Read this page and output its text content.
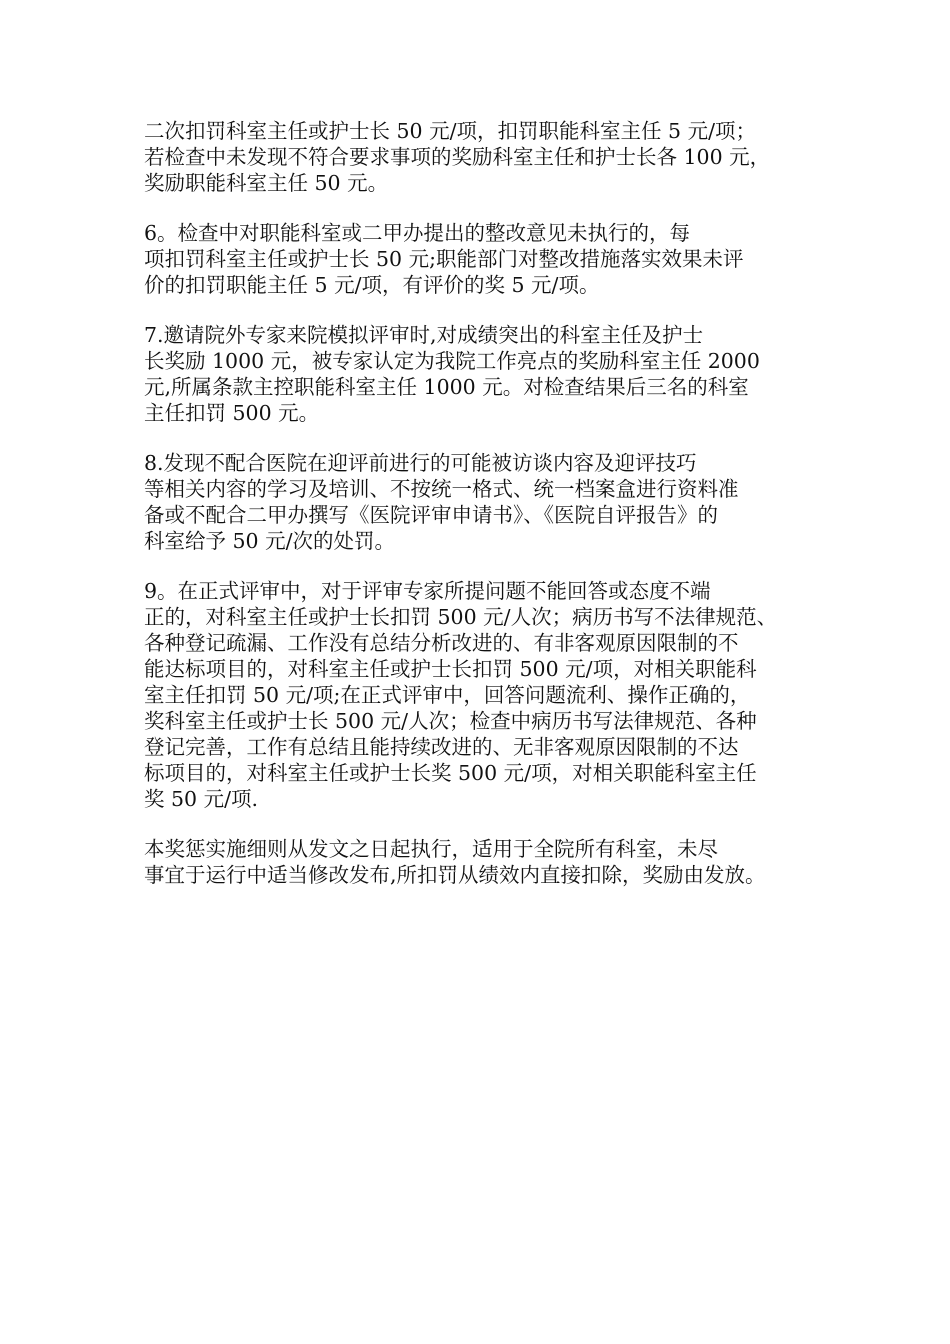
二次扣罚科室主任或护士长 50 元/项，扣罚职能科室主任 5 元/项；
若检查中未发现不符合要求事项的奖励科室主任和护士长各 100 元，
奖励职能科室主任 50 元。

6。检查中对职能科室或二甲办提出的整改意见未执行的，每
项扣罚科室主任或护士长 50 元;职能部门对整改措施落实效果未评
价的扣罚职能主任 5 元/项，有评价的奖 5 元/项。

7.邀请院外专家来院模拟评审时,对成绩突出的科室主任及护士
长奖励 1000 元，被专家认定为我院工作亮点的奖励科室主任 2000
元,所属条款主控职能科室主任 1000 元。对检查结果后三名的科室
主任扣罚 500 元。

8.发现不配合医院在迎评前进行的可能被访谈内容及迎评技巧
等相关内容的学习及培训、不按统一格式、统一档案盒进行资料准
备或不配合二甲办撰写《医院评审申请书》、《医院自评报告》的
科室给予 50 元/次的处罚。

9。在正式评审中，对于评审专家所提问题不能回答或态度不端
正的，对科室主任或护士长扣罚 500 元/人次；病历书写不法律规范、
各种登记疏漏、工作没有总结分析改进的、有非客观原因限制的不
能达标项目的，对科室主任或护士长扣罚 500 元/项，对相关职能科
室主任扣罚 50 元/项;在正式评审中，回答问题流利、操作正确的，
奖科室主任或护士长 500 元/人次；检查中病历书写法律规范、各种
登记完善，工作有总结且能持续改进的、无非客观原因限制的不达
标项目的，对科室主任或护士长奖 500 元/项，对相关职能科室主任
奖 50 元/项.

本奖惩实施细则从发文之日起执行，适用于全院所有科室，未尽
事宜于运行中适当修改发布,所扣罚从绩效内直接扣除，奖励由发放。
